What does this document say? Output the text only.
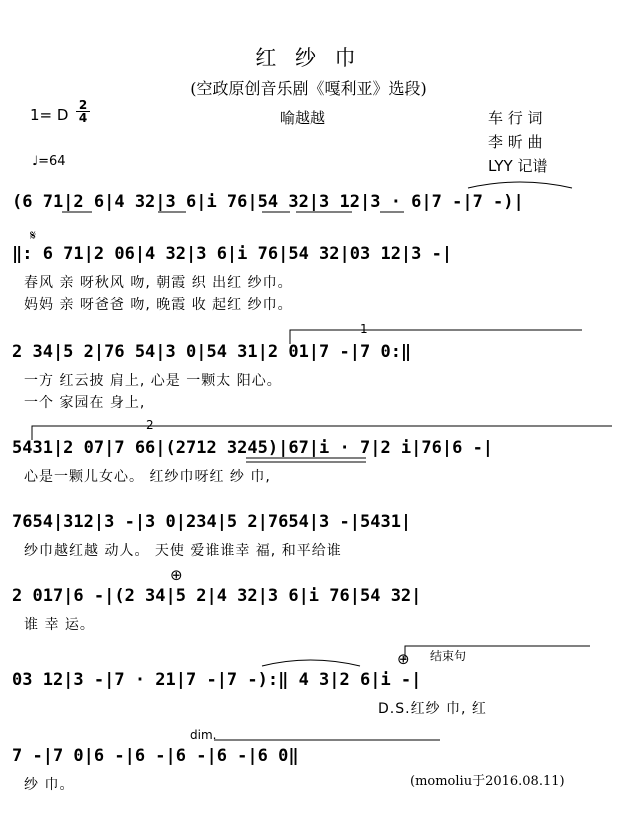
红 纱 巾
(空政原创音乐剧《嘎利亚》选段)
1= D
2
4	喻越越	车 行 词
李 昕 曲
LYY 记谱
♩=64
𝄋
(6 71|2 6|4 32|3 6|i 76|54 32|3 12|3 · 6|7 -|7 -)|
‖: 6 71|2 06|4 32|3 6|i 76|54 32|03 12|3 -|
春风 亲 呀秋风 吻, 朝霞 织 出红 纱巾。
妈妈 亲 呀爸爸 吻, 晚霞 收 起红 纱巾。
1
2 34|5 2|76 54|3 0|54 31|2 01|7 -|7 0:‖
一方 红云披 肩上, 心是 一颗太 阳心。
一个 家园在 身上,
2
5431|2 07|7 66|(2712 3245)|67|i · 7|2 i|76|6 -|
心是一颗儿女心。 红纱巾呀红 纱 巾,
7654|312|3 -|3 0|234|5 2|7654|3 -|5431|
纱巾越红越 动人。 天使 爱谁谁幸 福, 和平给谁
⊕
2 017|6 -|(2 34|5 2|4 32|3 6|i 76|54 32|
谁 幸 运。
结束句
⊕
03 12|3 -|7 · 21|7 -|7 -):‖ 4 3|2 6|i -|
D.S.红纱 巾, 红
dim.
7 -|7 0|6 -|6 -|6 -|6 -|6 0‖
纱 巾。	(momoliu于2016.08.11)
